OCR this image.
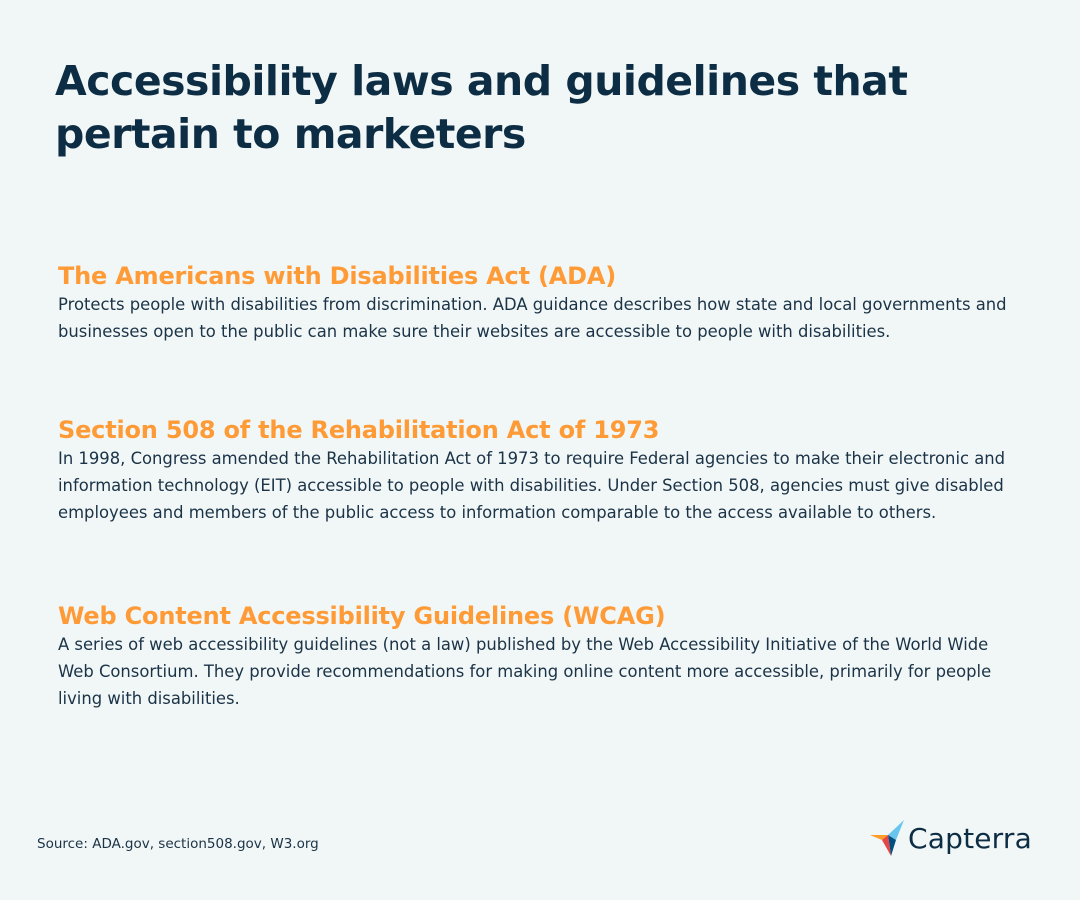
Accessibility laws and guidelines that pertain to marketers
The Americans with Disabilities Act (ADA)

Protects people with disabilities from discrimination. ADA guidance describes how state and local governments and businesses open to the public can make sure their websites are accessible to people with disabilities.

Section 508 of the Rehabilitation Act of 1973

In 1998, Congress amended the Rehabilitation Act of 1973 to require Federal agencies to make their electronic and information technology (EIT) accessible to people with disabilities. Under Section 508, agencies must give disabled employees and members of the public access to information comparable to the access available to others.

Web Content Accessibility Guidelines (WCAG)

A series of web accessibility guidelines (not a law) published by the Web Accessibility Initiative of the World Wide Web Consortium. They provide recommendations for making online content more accessible, primarily for people living with disabilities.

Source: ADA.gov, section508.gov, W3.org	Capterra
